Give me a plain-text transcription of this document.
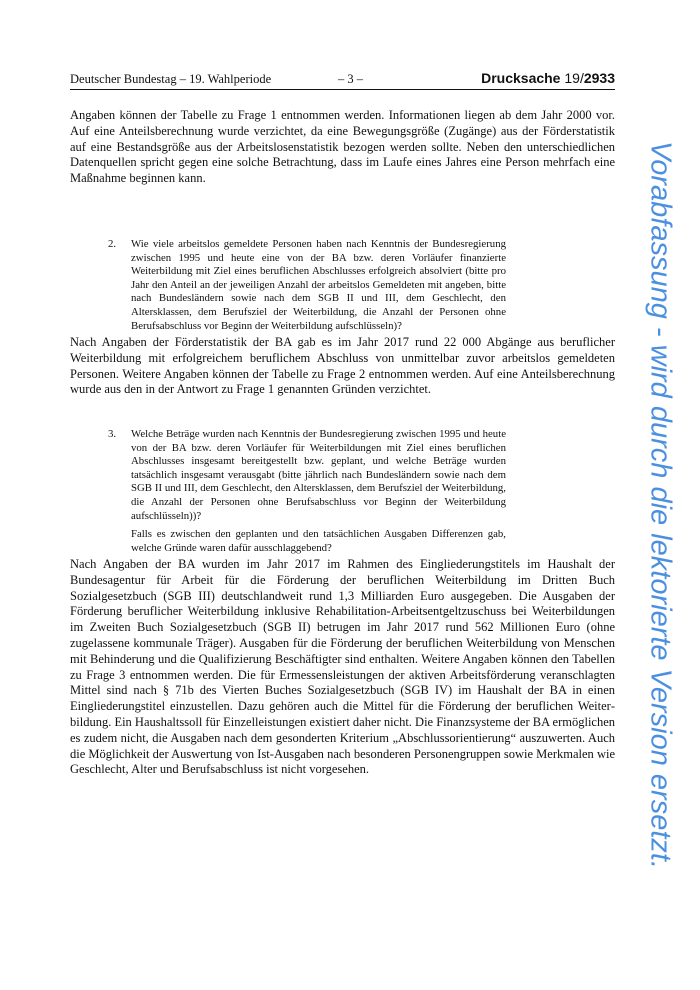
Deutscher Bundestag – 19. Wahlperiode	– 3 –	Drucksache 19/2933

Angaben können der Tabelle zu Frage 1 entnommen werden. Informationen liegen ab dem Jahr 2000 vor. Auf eine Anteilsberechnung wurde verzichtet, da eine Bewegungsgröße (Zugänge) aus der Förderstatistik auf eine Bestandsgröße aus der Arbeitslosenstatistik bezogen werden sollte. Neben den unterschiedlichen Datenquellen spricht gegen eine solche Betrachtung, dass im Laufe eines Jahres eine Person mehrfach eine Maßnahme beginnen kann.

2. Wie viele arbeitslos gemeldete Personen haben nach Kenntnis der Bundesregierung zwischen 1995 und heute eine von der BA bzw. deren Vorläufer finanzierte Weiterbildung mit Ziel eines beruflichen Abschlusses erfolgreich absolviert (bitte pro Jahr den Anteil an der jeweiligen Anzahl der arbeitslos Gemeldeten mit angeben, bitte nach Bundesländern sowie nach dem SGB II und III, dem Geschlecht, den Altersklassen, dem Berufsziel der Weiterbildung, die Anzahl der Personen ohne Berufsabschluss vor Beginn der Weiterbildung aufschlüsseln)?

Nach Angaben der Förderstatistik der BA gab es im Jahr 2017 rund 22 000 Abgänge aus beruflicher Weiterbildung mit erfolgreichem beruflichem Abschluss von unmittelbar zuvor arbeitslos gemeldeten Personen. Weitere Angaben können der Tabelle zu Frage 2 entnommen werden. Auf eine Anteilsberechnung wurde aus den in der Antwort zu Frage 1 genannten Gründen verzichtet.

3. Welche Beträge wurden nach Kenntnis der Bundesregierung zwischen 1995 und heute von der BA bzw. deren Vorläufer für Weiterbildungen mit Ziel eines beruflichen Abschlusses insgesamt bereitgestellt bzw. geplant, und welche Beträge wurden tatsächlich insgesamt verausgabt (bitte jährlich nach Bundesländern sowie nach dem SGB II und III, dem Geschlecht, den Altersklassen, dem Berufsziel der Weiterbildung, die Anzahl der Personen ohne Berufsabschluss vor Beginn der Weiterbildung aufschlüsseln))?

Falls es zwischen den geplanten und den tatsächlichen Ausgaben Differenzen gab, welche Gründe waren dafür ausschlaggebend?

Nach Angaben der BA wurden im Jahr 2017 im Rahmen des Eingliederungstitels im Haushalt der Bundesagentur für Arbeit für die Förderung der beruflichen Weiterbildung im Dritten Buch Sozialgesetzbuch (SGB III) deutschlandweit rund 1,3 Milliarden Euro ausgegeben. Die Ausgaben der Förderung beruflicher Weiterbildung inklusive Rehabilitation-Arbeitsentgeltzuschuss bei Weiterbildungen im Zweiten Buch Sozialgesetzbuch (SGB II) betrugen im Jahr 2017 rund 562 Millionen Euro (ohne zugelassene kommunale Träger). Ausgaben für die Förderung der beruflichen Weiterbildung von Menschen mit Behinderung und die Qualifizierung Beschäftigter sind enthalten. Weitere Angaben können den Tabellen zu Frage 3 entnommen werden. Die für Ermessensleistungen der aktiven Arbeitsförderung veranschlagten Mittel sind nach § 71b des Vierten Buches Sozialgesetzbuch (SGB IV) im Haushalt der BA in einen Eingliederungstitel einzustellen. Dazu gehören auch die Mittel für die Förderung der beruflichen Weiterbildung. Ein Haushaltssoll für Einzelleistungen existiert daher nicht. Die Finanzsysteme der BA ermöglichen es zudem nicht, die Ausgaben nach dem gesonderten Kriterium „Abschlussorientierung“ auszuwerten. Auch die Möglichkeit der Auswertung von Ist-Ausgaben nach besonderen Personengruppen sowie Merkmalen wie Geschlecht, Alter und Berufsabschluss ist nicht vorgesehen.	Vorabfassung - wird durch die lektorierte Version ersetzt.
